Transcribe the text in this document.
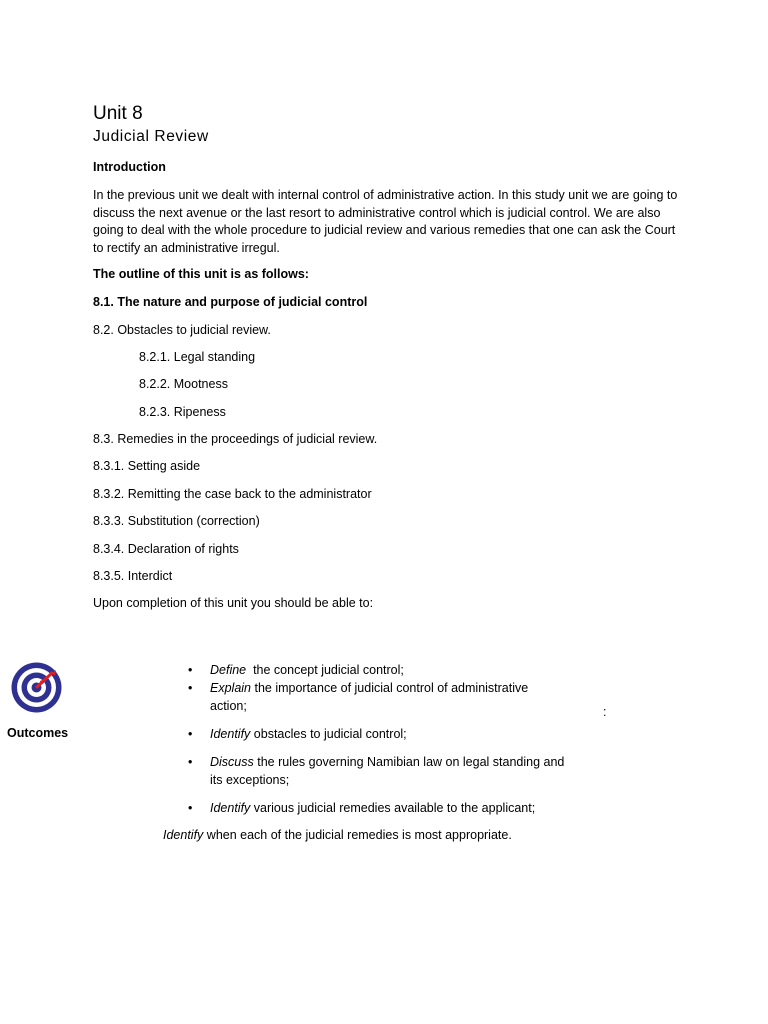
Unit 8
Judicial Review
Introduction
In the previous unit we dealt with internal control of administrative action. In this study unit we are going to discuss the next avenue or the last resort to administrative control which is judicial control. We are also going to deal with the whole procedure to judicial review and various remedies that one can ask the Court to rectify an administrative irregul.
The outline of this unit is as follows:
8.1. The nature and purpose of judicial control
8.2. Obstacles to judicial review.
8.2.1. Legal standing
8.2.2. Mootness
8.2.3. Ripeness
8.3. Remedies in the proceedings of judicial review.
8.3.1. Setting aside
8.3.2. Remitting the case back to the administrator
8.3.3. Substitution (correction)
8.3.4. Declaration of rights
8.3.5. Interdict
Upon completion of this unit you should be able to:
Outcomes
• Define  the concept judicial control;
• Explain the importance of judicial control of administrative action;
• Identify obstacles to judicial control;
• Discuss the rules governing Namibian law on legal standing and its exceptions;
• Identify various judicial remedies available to the applicant;
:
Identify when each of the judicial remedies is most appropriate.
